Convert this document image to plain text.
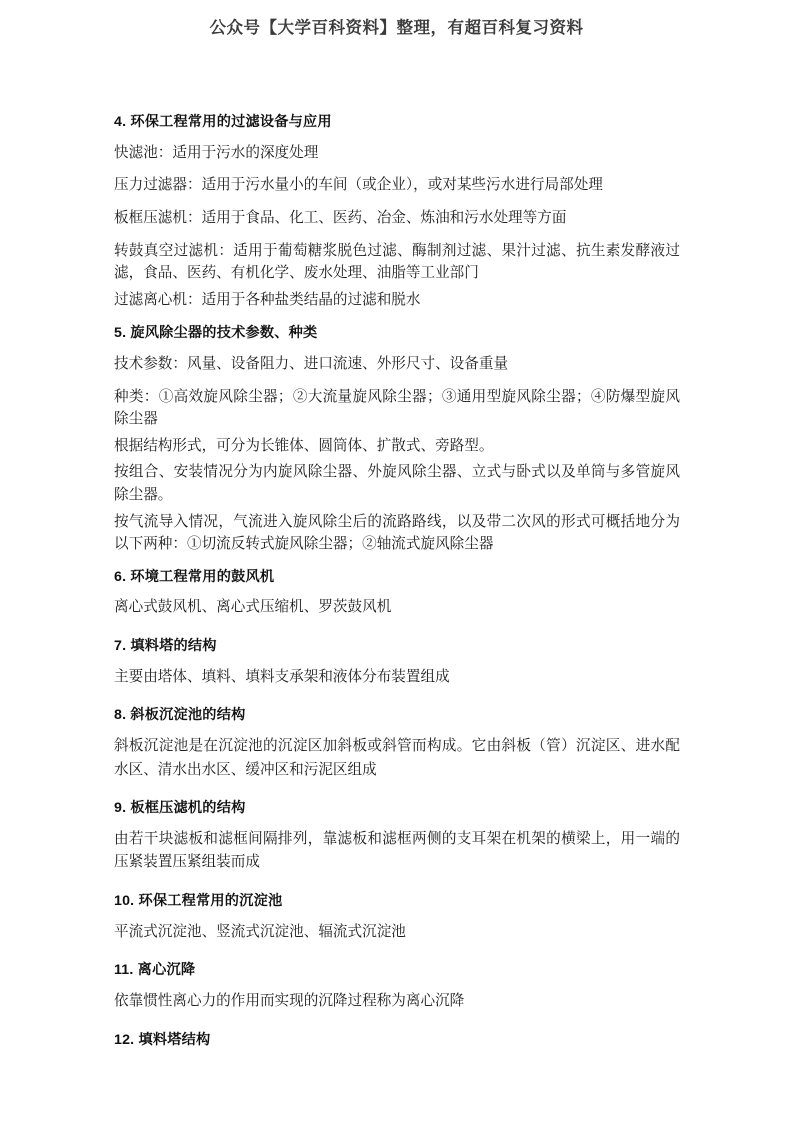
公众号【大学百科资料】整理，有超百科复习资料
4. 环保工程常用的过滤设备与应用

快滤池：适用于污水的深度处理

压力过滤器：适用于污水量小的车间（或企业），或对某些污水进行局部处理

板框压滤机：适用于食品、化工、医药、冶金、炼油和污水处理等方面

转鼓真空过滤机：适用于葡萄糖浆脱色过滤、酶制剂过滤、果汁过滤、抗生素发酵液过滤，食品、医药、有机化学、废水处理、油脂等工业部门

过滤离心机：适用于各种盐类结晶的过滤和脱水

5. 旋风除尘器的技术参数、种类

技术参数：风量、设备阻力、进口流速、外形尺寸、设备重量

种类：①高效旋风除尘器；②大流量旋风除尘器；③通用型旋风除尘器；④防爆型旋风除尘器

根据结构形式，可分为长锥体、圆筒体、扩散式、旁路型。

按组合、安装情况分为内旋风除尘器、外旋风除尘器、立式与卧式以及单筒与多管旋风除尘器。

按气流导入情况，气流进入旋风除尘后的流路路线，以及带二次风的形式可概括地分为以下两种：①切流反转式旋风除尘器；②轴流式旋风除尘器

6. 环境工程常用的鼓风机

离心式鼓风机、离心式压缩机、罗茨鼓风机

7. 填料塔的结构

主要由塔体、填料、填料支承架和液体分布装置组成

8. 斜板沉淀池的结构

斜板沉淀池是在沉淀池的沉淀区加斜板或斜管而构成。它由斜板（管）沉淀区、进水配水区、清水出水区、缓冲区和污泥区组成

9. 板框压滤机的结构

由若干块滤板和滤框间隔排列，靠滤板和滤框两侧的支耳架在机架的横梁上，用一端的压紧装置压紧组装而成

10. 环保工程常用的沉淀池

平流式沉淀池、竖流式沉淀池、辐流式沉淀池

11. 离心沉降

依靠惯性离心力的作用而实现的沉降过程称为离心沉降

12. 填料塔结构
